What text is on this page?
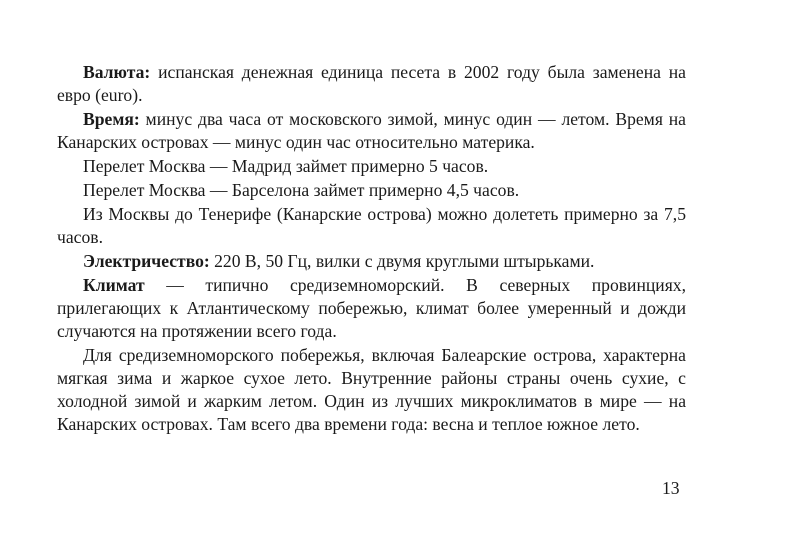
Валюта: испанская денежная единица песета в 2002 году была заменена на евро (euro).

Время: минус два часа от московского зимой, минус один — летом. Время на Канарских островах — минус один час относительно материка.

Перелет Москва — Мадрид займет примерно 5 часов.

Перелет Москва — Барселона займет примерно 4,5 часов.

Из Москвы до Тенерифе (Канарские острова) можно долететь примерно за 7,5 часов.

Электричество: 220 В, 50 Гц, вилки с двумя круглыми штырьками.

Климат — типично средиземноморский. В северных провинциях, прилегающих к Атлантическому побережью, климат более умеренный и дожди случаются на протяжении всего года.

Для средиземноморского побережья, включая Балеарские острова, характерна мягкая зима и жаркое сухое лето. Внутренние районы страны очень сухие, с холодной зимой и жарким летом. Один из лучших микроклиматов в мире — на Канарских островах. Там всего два времени года: весна и теплое южное лето.

13
